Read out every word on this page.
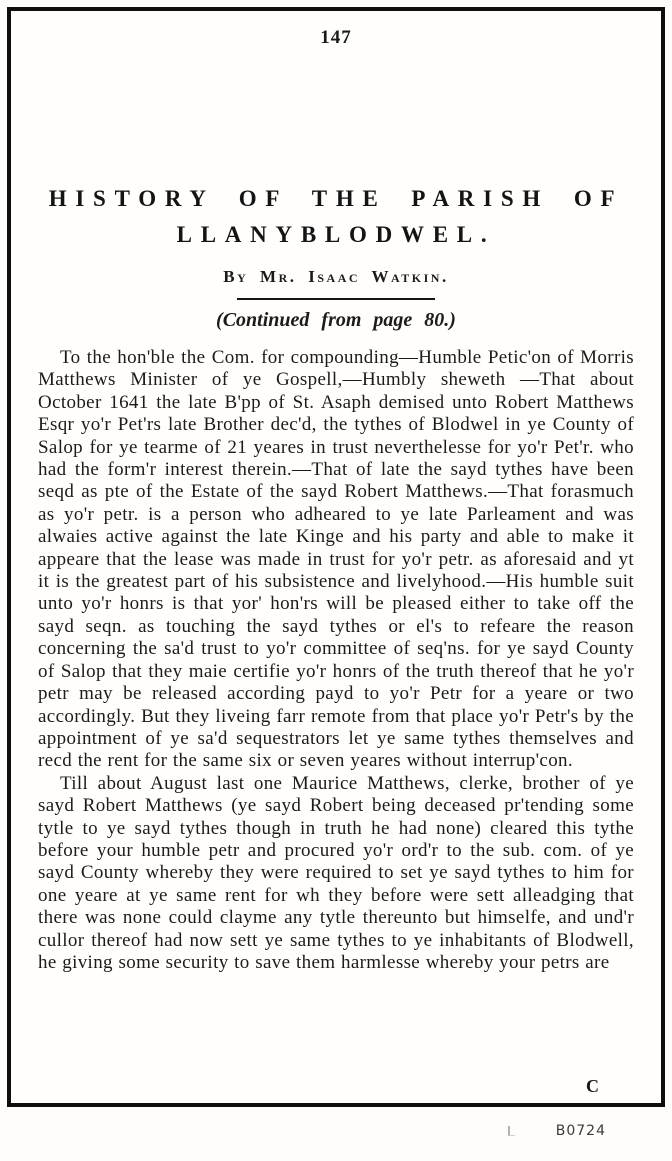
147
HISTORY OF THE PARISH OF
LLANYBLODWEL.
By Mr. Isaac Watkin.
(Continued from page 80.)

To the hon'ble the Com. for compounding—Humble Petic'on of Morris Matthews Minister of ye Gospell,—Humbly sheweth —That about October 1641 the late B'pp of St. Asaph demised unto Robert Matthews Esqr yo'r Pet'rs late Brother dec'd, the tythes of Blodwel in ye County of Salop for ye tearme of 21 yeares in trust neverthelesse for yo'r Pet'r. who had the form'r interest therein.—That of late the sayd tythes have been seqd as pte of the Estate of the sayd Robert Matthews.—That forasmuch as yo'r petr. is a person who adheared to ye late Parleament and was alwaies active against the late Kinge and his party and able to make it appeare that the lease was made in trust for yo'r petr. as aforesaid and yt it is the greatest part of his subsistence and livelyhood.—His humble suit unto yo'r honrs is that yor' hon'rs will be pleased either to take off the sayd seqn. as touching the sayd tythes or el's to refeare the reason concerning the sa'd trust to yo'r committee of seq'ns. for ye sayd County of Salop that they maie certifie yo'r honrs of the truth thereof that he yo'r petr may be released according payd to yo'r Petr for a yeare or two accordingly. But they liveing farr remote from that place yo'r Petr's by the appointment of ye sa'd sequestrators let ye same tythes themselves and recd the rent for the same six or seven yeares without interrup'con.

Till about August last one Maurice Matthews, clerke, brother of ye sayd Robert Matthews (ye sayd Robert being deceased pr'tending some tytle to ye sayd tythes though in truth he had none) cleared this tythe before your humble petr and procured yo'r ord'r to the sub. com. of ye sayd County whereby they were required to set ye sayd tythes to him for one yeare at ye same rent for wh they before were sett alleadging that there was none could clayme any tytle thereunto but himselfe, and und'r cullor thereof had now sett ye same tythes to ye inhabitants of Blodwell, he giving some security to save them harmlesse whereby your petrs are

C
B0724
